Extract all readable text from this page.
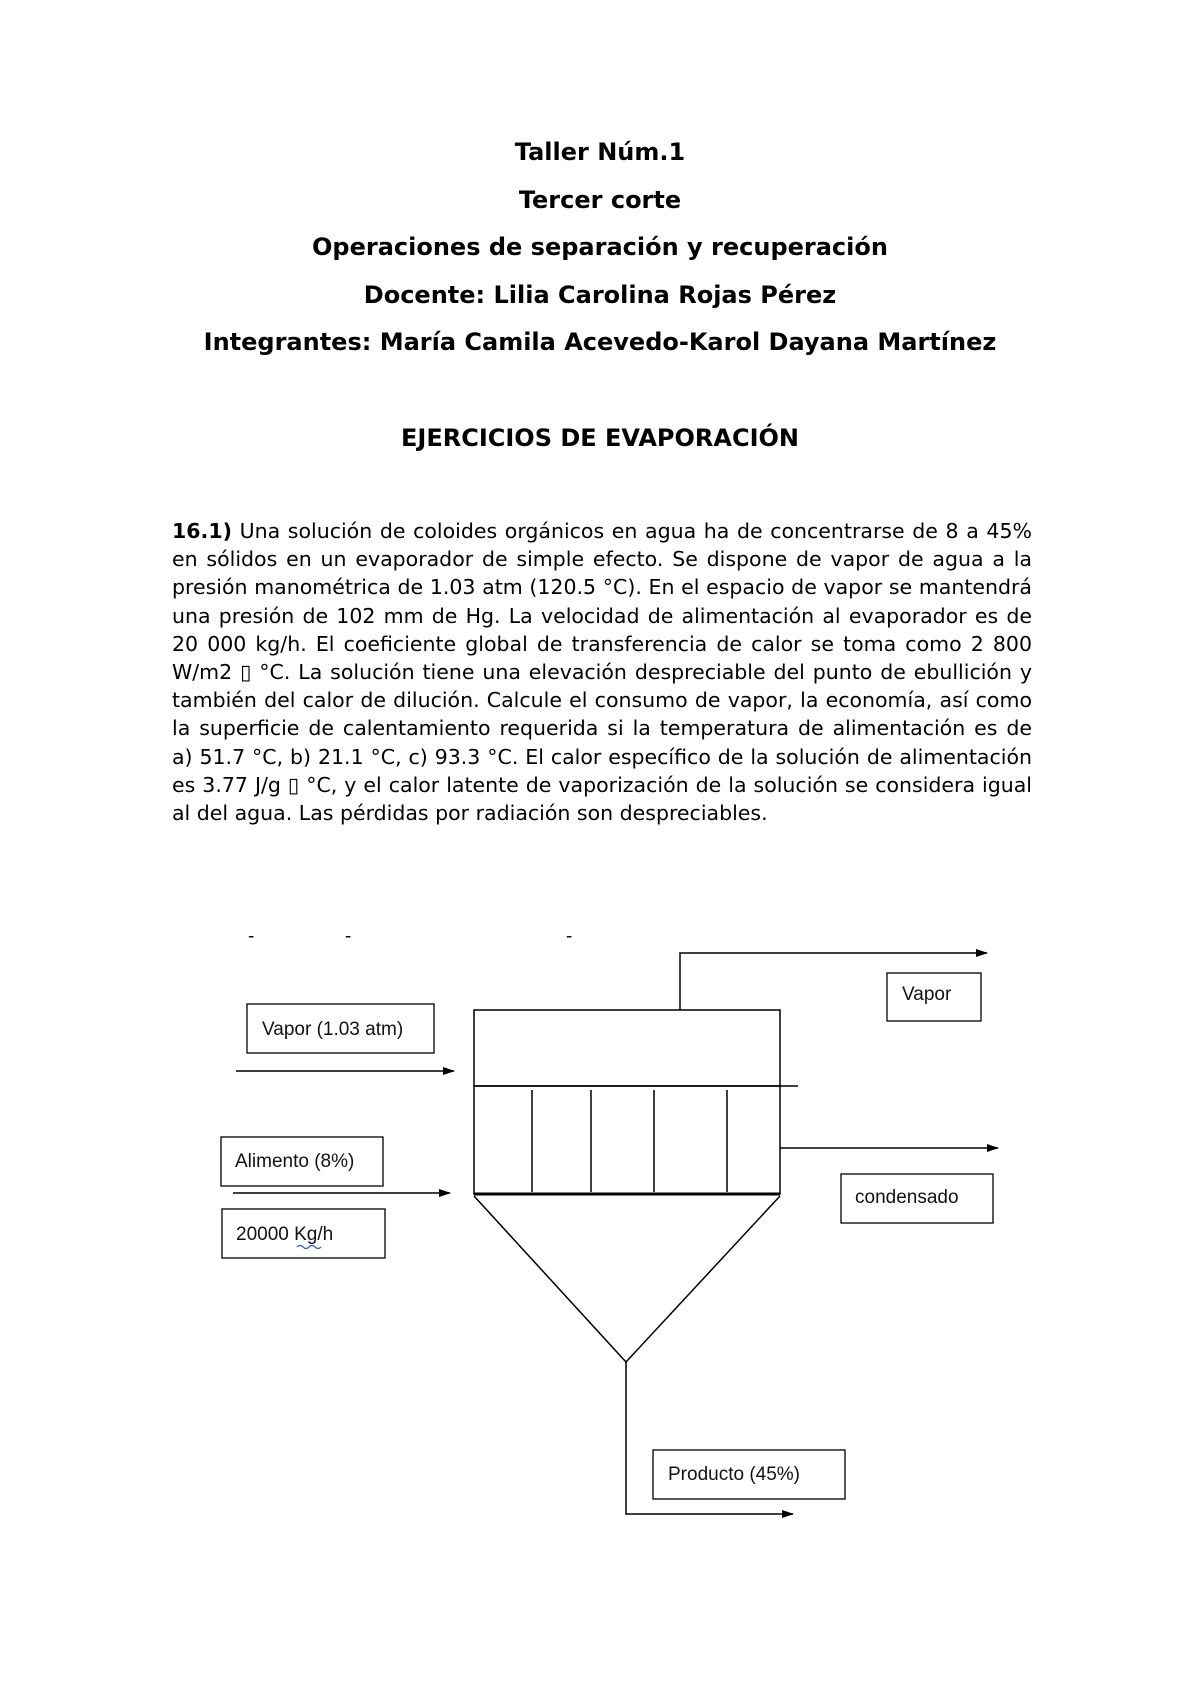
Taller Núm.1
Tercer corte
Operaciones de separación y recuperación
Docente: Lilia Carolina Rojas Pérez
Integrantes: María Camila Acevedo-Karol Dayana Martínez
EJERCICIOS DE EVAPORACIÓN
16.1) Una solución de coloides orgánicos en agua ha de concentrarse de 8 a 45% en sólidos en un evaporador de simple efecto. Se dispone de vapor de agua a la presión manométrica de 1.03 atm (120.5 °C). En el espacio de vapor se mantendrá una presión de 102 mm de Hg. La velocidad de alimentación al evaporador es de 20 000 kg/h. El coeficiente global de transferencia de calor se toma como 2 800 W/m2 ▯ °C. La solución tiene una elevación despreciable del punto de ebullición y también del calor de dilución. Calcule el consumo de vapor, la economía, así como la superficie de calentamiento requerida si la temperatura de alimentación es de a) 51.7 °C, b) 21.1 °C, c) 93.3 °C. El calor específico de la solución de alimentación es 3.77 J/g ▯ °C, y el calor latente de vaporización de la solución se considera igual al del agua. Las pérdidas por radiación son despreciables.
-	-	-
Vapor (1.03 atm)
Alimento (8%)
20000 Kg/h
Vapor
condensado
Producto (45%)
